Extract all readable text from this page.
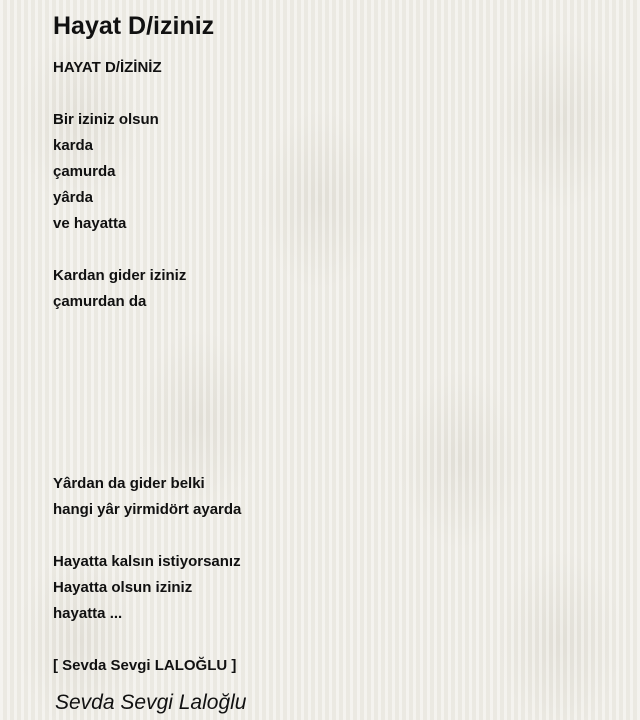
Hayat D/iziniz
HAYAT D/İZİNİZ
Bir iziniz olsun
karda
çamurda
yârda
ve hayatta
Kardan gider iziniz
çamurdan da
Yârdan da gider belki
hangi yâr yirmidört ayarda
Hayatta kalsın istiyorsanız
Hayatta olsun iziniz
hayatta ...
[ Sevda Sevgi LALOĞLU ]
Sevda Sevgi Laloğlu
